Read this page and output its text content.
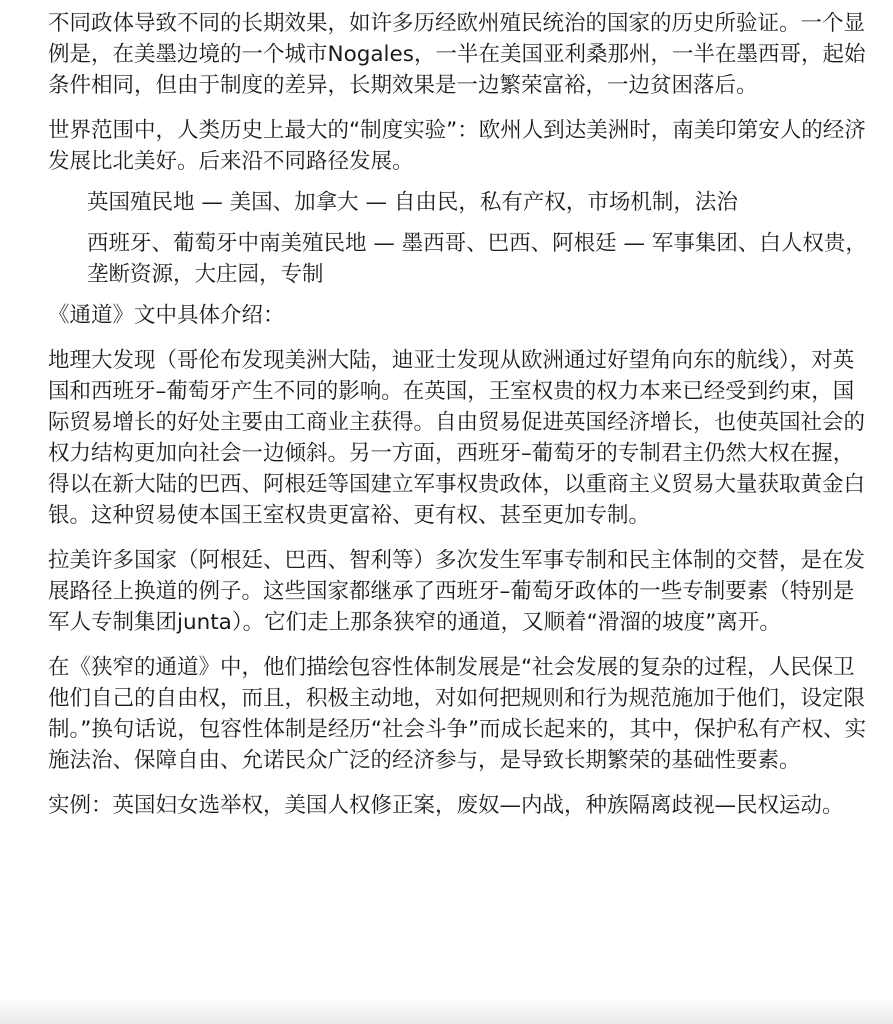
不同政体导致不同的长期效果，如许多历经欧州殖民统治的国家的历史所验证。一个显例是，在美墨边境的一个城市Nogales，一半在美国亚利桑那州，一半在墨西哥，起始条件相同，但由于制度的差异，长期效果是一边繁荣富裕，一边贫困落后。

世界范围中，人类历史上最大的“制度实验”：欧州人到达美洲时，南美印第安人的经济发展比北美好。后来沿不同路径发展。

英国殖民地 — 美国、加拿大 — 自由民，私有产权，市场机制，法治

西班牙、葡萄牙中南美殖民地 — 墨西哥、巴西、阿根廷 — 军事集团、白人权贵，垄断资源，大庄园，专制

《通道》文中具体介绍：

地理大发现（哥伦布发现美洲大陆，迪亚士发现从欧洲通过好望角向东的航线），对英国和西班牙–葡萄牙产生不同的影响。在英国，王室权贵的权力本来已经受到约束，国际贸易增长的好处主要由工商业主获得。自由贸易促进英国经济增长，也使英国社会的权力结构更加向社会一边倾斜。另一方面，西班牙–葡萄牙的专制君主仍然大权在握，得以在新大陆的巴西、阿根廷等国建立军事权贵政体，以重商主义贸易大量获取黄金白银。这种贸易使本国王室权贵更富裕、更有权、甚至更加专制。

拉美许多国家（阿根廷、巴西、智利等）多次发生军事专制和民主体制的交替，是在发展路径上换道的例子。这些国家都继承了西班牙–葡萄牙政体的一些专制要素（特别是军人专制集团junta）。它们走上那条狭窄的通道，又顺着“滑溜的坡度”离开。

在《狭窄的通道》中，他们描绘包容性体制发展是“社会发展的复杂的过程，人民保卫他们自己的自由权，而且，积极主动地，对如何把规则和行为规范施加于他们，设定限制。”换句话说，包容性体制是经历“社会斗争”而成长起来的，其中，保护私有产权、实施法治、保障自由、允诺民众广泛的经济参与，是导致长期繁荣的基础性要素。

实例：英国妇女选举权，美国人权修正案，废奴—内战，种族隔离歧视—民权运动。
